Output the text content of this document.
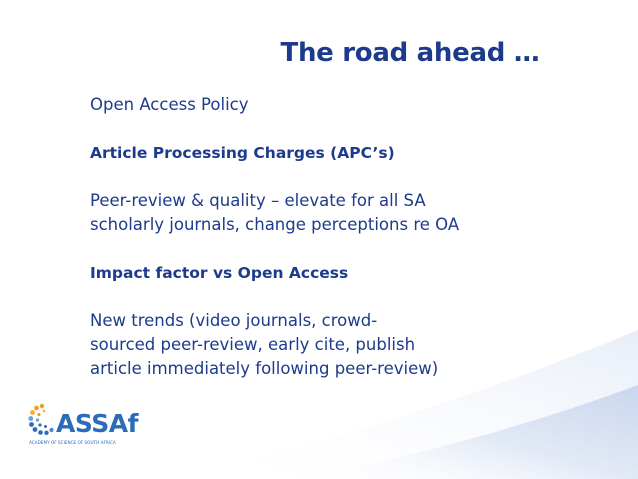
The road ahead …

Open Access Policy

Article Processing Charges (APC’s)

Peer-review & quality – elevate for all SA
scholarly journals, change perceptions re OA

Impact factor vs Open Access

New trends (video journals, crowd-
sourced peer-review, early cite, publish
article immediately following peer-review)

ASSAf
ACADEMY OF SCIENCE OF SOUTH AFRICA
